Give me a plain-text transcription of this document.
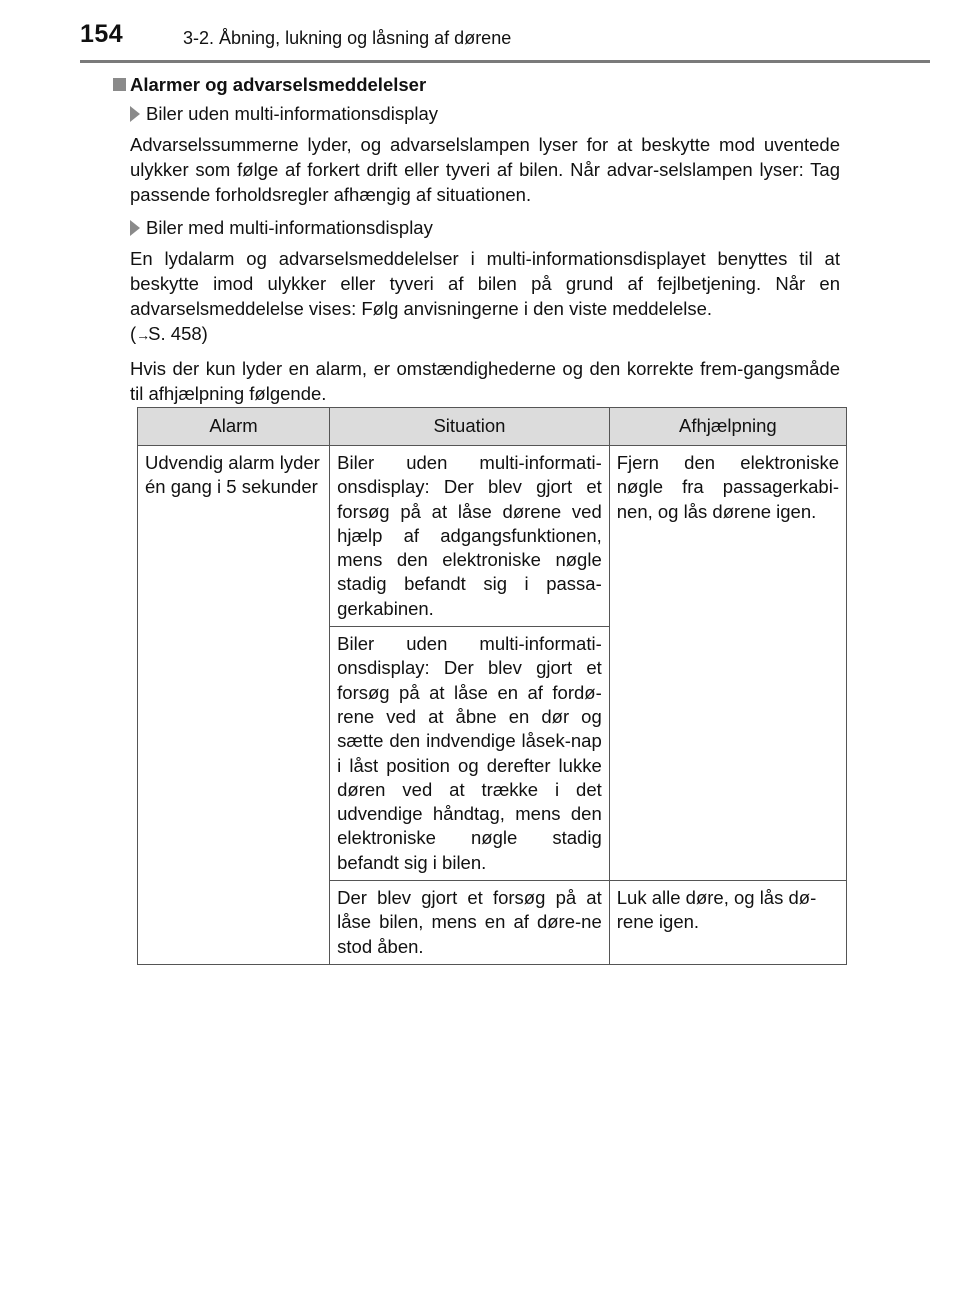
154	3-2. Åbning, lukning og låsning af dørene
Alarmer og advarselsmeddelelser
Biler uden multi-informationsdisplay
Advarselssummerne lyder, og advarselslampen lyser for at beskytte mod uventede ulykker som følge af forkert drift eller tyveri af bilen. Når advar-selslampen lyser: Tag passende forholdsregler afhængig af situationen.
Biler med multi-informationsdisplay
En lydalarm og advarselsmeddelelser i multi-informationsdisplayet benyttes til at beskytte imod ulykker eller tyveri af bilen på grund af fejlbetjening. Når en advarselsmeddelelse vises: Følg anvisningerne i den viste meddelelse.
(→S. 458)
Hvis der kun lyder en alarm, er omstændighederne og den korrekte frem-gangsmåde til afhjælpning følgende.
Alarm	Situation	Afhjælpning
Udvendig alarm lyder én gang i 5 sekunder	Biler uden multi-informati-onsdisplay: Der blev gjort et forsøg på at låse dørene ved hjælp af adgangsfunktionen, mens den elektroniske nøgle stadig befandt sig i passa-gerkabinen.	Fjern den elektroniske nøgle fra passagerkabi-nen, og lås dørene igen.
	Biler uden multi-informati-onsdisplay: Der blev gjort et forsøg på at låse en af fordø-rene ved at åbne en dør og sætte den indvendige låsek-nap i låst position og derefter lukke døren ved at trække i det udvendige håndtag, mens den elektroniske nøgle stadig befandt sig i bilen.	
	Der blev gjort et forsøg på at låse bilen, mens en af døre-ne stod åben.	Luk alle døre, og lås dø-rene igen.
